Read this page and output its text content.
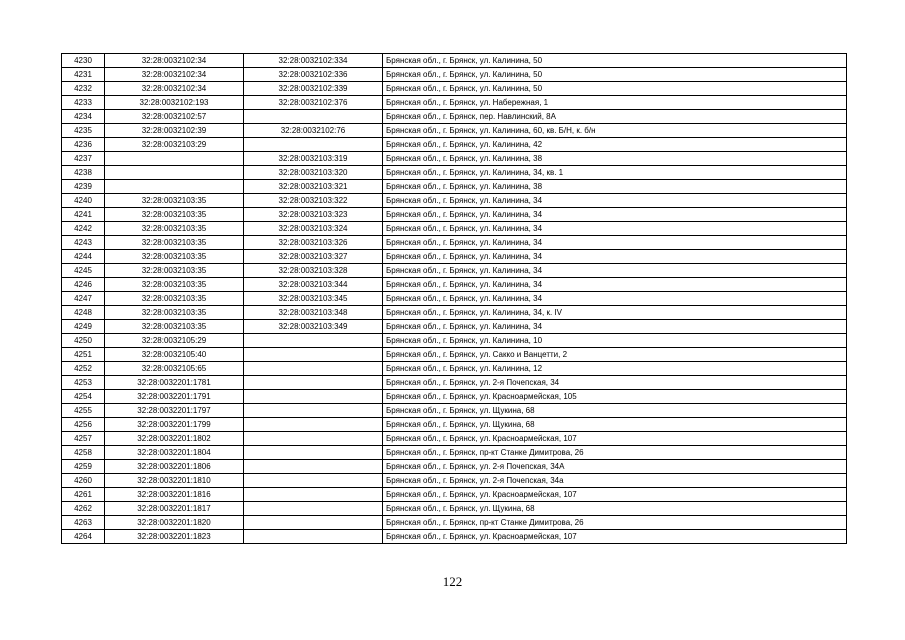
4230	32:28:0032102:34	32:28:0032102:334	Брянская обл., г. Брянск, ул. Калинина, 50
4231	32:28:0032102:34	32:28:0032102:336	Брянская обл., г. Брянск, ул. Калинина, 50
4232	32:28:0032102:34	32:28:0032102:339	Брянская обл., г. Брянск, ул. Калинина, 50
4233	32:28:0032102:193	32:28:0032102:376	Брянская обл., г. Брянск, ул. Набережная, 1
4234	32:28:0032102:57		Брянская обл., г. Брянск, пер. Навлинский, 8А
4235	32:28:0032102:39	32:28:0032102:76	Брянская обл., г. Брянск, ул. Калинина, 60, кв. Б/Н, к. б/н
4236	32:28:0032103:29		Брянская обл., г. Брянск, ул. Калинина, 42
4237		32:28:0032103:319	Брянская обл., г. Брянск, ул. Калинина, 38
4238		32:28:0032103:320	Брянская обл., г. Брянск, ул. Калинина, 34, кв. 1
4239		32:28:0032103:321	Брянская обл., г. Брянск, ул. Калинина, 38
4240	32:28:0032103:35	32:28:0032103:322	Брянская обл., г. Брянск, ул. Калинина, 34
4241	32:28:0032103:35	32:28:0032103:323	Брянская обл., г. Брянск, ул. Калинина, 34
4242	32:28:0032103:35	32:28:0032103:324	Брянская обл., г. Брянск, ул. Калинина, 34
4243	32:28:0032103:35	32:28:0032103:326	Брянская обл., г. Брянск, ул. Калинина, 34
4244	32:28:0032103:35	32:28:0032103:327	Брянская обл., г. Брянск, ул. Калинина, 34
4245	32:28:0032103:35	32:28:0032103:328	Брянская обл., г. Брянск, ул. Калинина, 34
4246	32:28:0032103:35	32:28:0032103:344	Брянская обл., г. Брянск, ул. Калинина, 34
4247	32:28:0032103:35	32:28:0032103:345	Брянская обл., г. Брянск, ул. Калинина, 34
4248	32:28:0032103:35	32:28:0032103:348	Брянская обл., г. Брянск, ул. Калинина, 34, к. IV
4249	32:28:0032103:35	32:28:0032103:349	Брянская обл., г. Брянск, ул. Калинина, 34
4250	32:28:0032105:29		Брянская обл., г. Брянск, ул. Калинина, 10
4251	32:28:0032105:40		Брянская обл., г. Брянск, ул. Сакко и Ванцетти, 2
4252	32:28:0032105:65		Брянская обл., г. Брянск, ул. Калинина, 12
4253	32:28:0032201:1781		Брянская обл., г. Брянск, ул. 2-я Почепская, 34
4254	32:28:0032201:1791		Брянская обл., г. Брянск, ул. Красноармейская, 105
4255	32:28:0032201:1797		Брянская обл., г. Брянск, ул. Щукина, 68
4256	32:28:0032201:1799		Брянская обл., г. Брянск, ул. Щукина, 68
4257	32:28:0032201:1802		Брянская обл., г. Брянск, ул. Красноармейская, 107
4258	32:28:0032201:1804		Брянская обл., г. Брянск, пр-кт Станке Димитрова, 26
4259	32:28:0032201:1806		Брянская обл., г. Брянск, ул. 2-я Почепская, 34А
4260	32:28:0032201:1810		Брянская обл., г. Брянск, ул. 2-я Почепская, 34а
4261	32:28:0032201:1816		Брянская обл., г. Брянск, ул. Красноармейская, 107
4262	32:28:0032201:1817		Брянская обл., г. Брянск, ул. Щукина, 68
4263	32:28:0032201:1820		Брянская обл., г. Брянск, пр-кт Станке Димитрова, 26
4264	32:28:0032201:1823		Брянская обл., г. Брянск, ул. Красноармейская, 107
122
